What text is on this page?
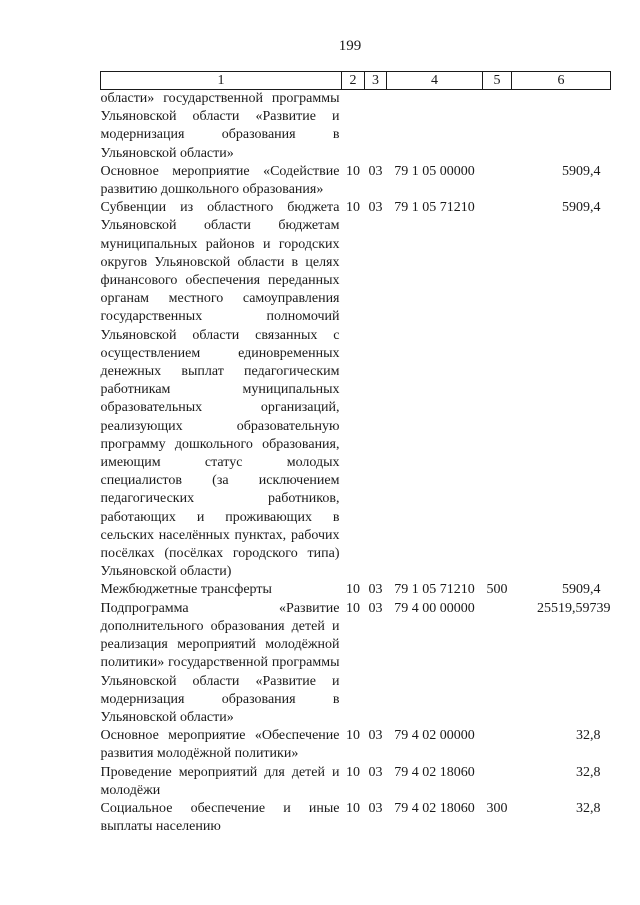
199
1	2	3	4	5	6
области» государственной программы Ульяновской области «Развитие и модернизация образования в Ульяновской области»					
Основное мероприятие «Содействие развитию дошкольного образования»	10	03	79 1 05 00000		5909,4
Субвенции из областного бюджета Ульяновской области бюджетам муниципальных районов и городских округов Ульяновской области в целях финансового обеспечения переданных органам местного самоуправления государственных полномочий Ульяновской области связанных с осуществлением единовременных денежных выплат педагогическим работникам муниципальных образовательных организаций, реализующих образовательную программу дошкольного образования, имеющим статус молодых специалистов (за исключением педагогических работников, работающих и проживающих в сельских населённых пунктах, рабочих посёлках (посёлках городского типа) Ульяновской области)	10	03	79 1 05 71210		5909,4
Межбюджетные трансферты	10	03	79 1 05 71210	500	5909,4
Подпрограмма «Развитие дополнительного образования детей и реализация мероприятий молодёжной политики» государственной программы Ульяновской области «Развитие и модернизация образования в Ульяновской области»	10	03	79 4 00 00000		25519,59739
Основное мероприятие «Обеспечение развития молодёжной политики»	10	03	79 4 02 00000		32,8
Проведение мероприятий для детей и молодёжи	10	03	79 4 02 18060		32,8
Социальное обеспечение и иные выплаты населению	10	03	79 4 02 18060	300	32,8
